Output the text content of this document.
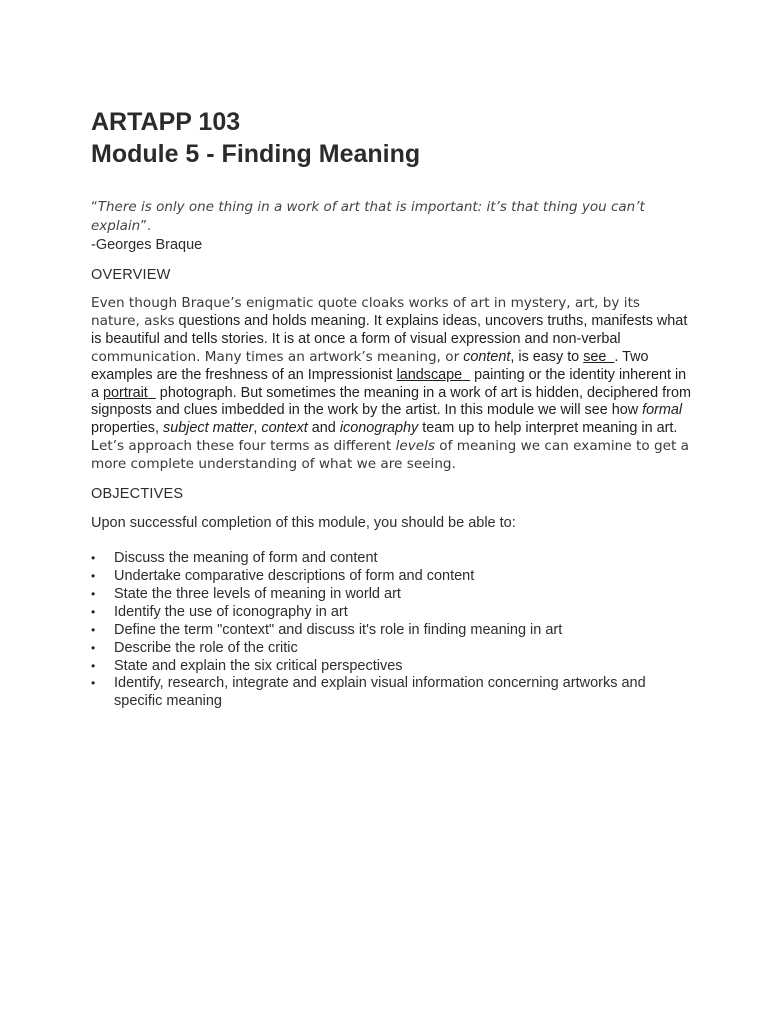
ARTAPP 103
Module 5 - Finding Meaning
“There is only one thing in a work of art that is important: it’s that thing you can’t explain”.
-Georges Braque
OVERVIEW
Even though Braque’s enigmatic quote cloaks works of art in mystery, art, by its nature, asks questions and holds meaning. It explains ideas, uncovers truths, manifests what is beautiful and tells stories. It is at once a form of visual expression and non-verbal communication. Many times an artwork’s meaning, or content, is easy to see . Two examples are the freshness of an Impressionist landscape   painting or the identity inherent in a portrait   photograph. But sometimes the meaning in a work of art is hidden, deciphered from signposts and clues imbedded in the work by the artist. In this module we will see how formal properties, subject matter, context and iconography team up to help interpret meaning in art. Let’s approach these four terms as different levels of meaning we can examine to get a more complete understanding of what we are seeing.
OBJECTIVES
Upon successful completion of this module, you should be able to:
• Discuss the meaning of form and content
• Undertake comparative descriptions of form and content
• State the three levels of meaning in world art
• Identify the use of iconography in art
• Define the term "context" and discuss it's role in finding meaning in art
• Describe the role of the critic
• State and explain the six critical perspectives
• Identify, research, integrate and explain visual information concerning artworks and specific meaning
